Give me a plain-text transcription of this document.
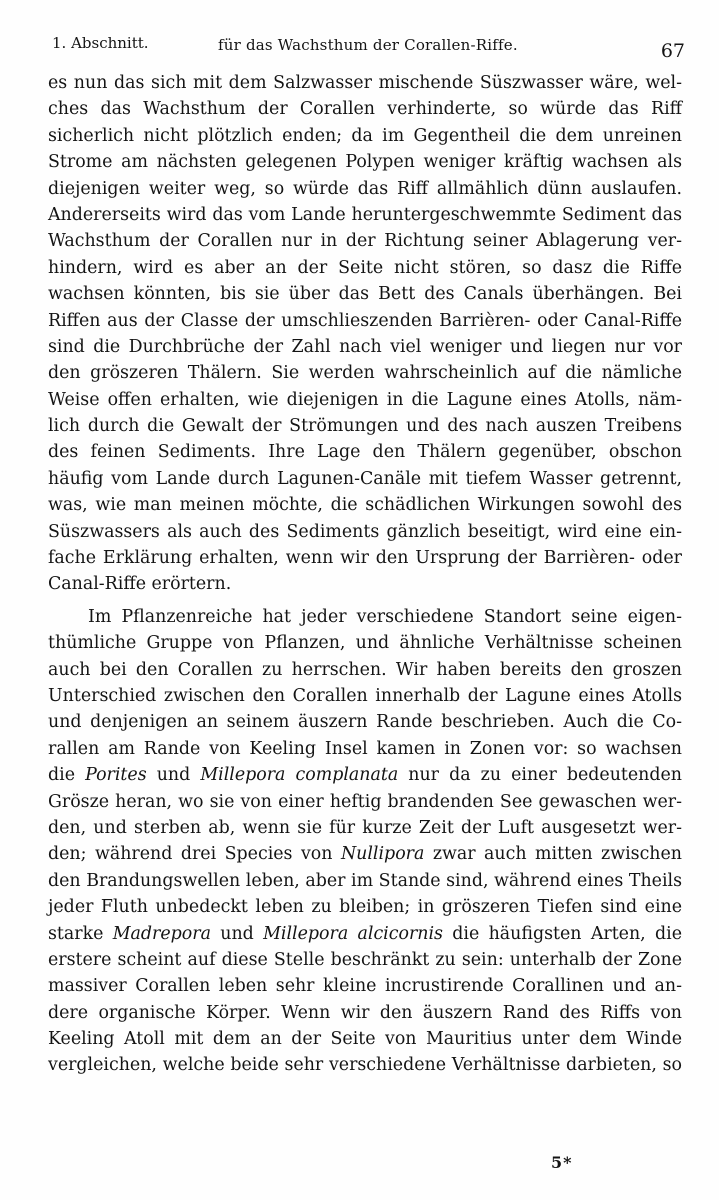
1. Abschnitt.	für das Wachsthum der Corallen-Riffe.	67
es nun das sich mit dem Salzwasser mischende Süszwasser wäre, wel-
ches das Wachsthum der Corallen verhinderte, so würde das Riff
sicherlich nicht plötzlich enden; da im Gegentheil die dem unreinen
Strome am nächsten gelegenen Polypen weniger kräftig wachsen als
diejenigen weiter weg, so würde das Riff allmählich dünn auslaufen.
Andererseits wird das vom Lande heruntergeschwemmte Sediment das
Wachsthum der Corallen nur in der Richtung seiner Ablagerung ver-
hindern, wird es aber an der Seite nicht stören, so dasz die Riffe
wachsen könnten, bis sie über das Bett des Canals überhängen. Bei
Riffen aus der Classe der umschlieszenden Barrièren- oder Canal-Riffe
sind die Durchbrüche der Zahl nach viel weniger und liegen nur vor
den gröszeren Thälern. Sie werden wahrscheinlich auf die nämliche
Weise offen erhalten, wie diejenigen in die Lagune eines Atolls, näm-
lich durch die Gewalt der Strömungen und des nach auszen Treibens
des feinen Sediments. Ihre Lage den Thälern gegenüber, obschon
häufig vom Lande durch Lagunen-Canäle mit tiefem Wasser getrennt,
was, wie man meinen möchte, die schädlichen Wirkungen sowohl des
Süszwassers als auch des Sediments gänzlich beseitigt, wird eine ein-
fache Erklärung erhalten, wenn wir den Ursprung der Barrièren- oder
Canal-Riffe erörtern.
Im Pflanzenreiche hat jeder verschiedene Standort seine eigen-
thümliche Gruppe von Pflanzen, und ähnliche Verhältnisse scheinen
auch bei den Corallen zu herrschen. Wir haben bereits den groszen
Unterschied zwischen den Corallen innerhalb der Lagune eines Atolls
und denjenigen an seinem äuszern Rande beschrieben. Auch die Co-
rallen am Rande von Keeling Insel kamen in Zonen vor: so wachsen
die Porites und Millepora complanata nur da zu einer bedeutenden
Grösze heran, wo sie von einer heftig brandenden See gewaschen wer-
den, und sterben ab, wenn sie für kurze Zeit der Luft ausgesetzt wer-
den; während drei Species von Nullipora zwar auch mitten zwischen
den Brandungswellen leben, aber im Stande sind, während eines Theils
jeder Fluth unbedeckt leben zu bleiben; in gröszeren Tiefen sind eine
starke Madrepora und Millepora alcicornis die häufigsten Arten, die
erstere scheint auf diese Stelle beschränkt zu sein: unterhalb der Zone
massiver Corallen leben sehr kleine incrustirende Corallinen und an-
dere organische Körper. Wenn wir den äuszern Rand des Riffs von
Keeling Atoll mit dem an der Seite von Mauritius unter dem Winde
vergleichen, welche beide sehr verschiedene Verhältnisse darbieten, so
5*
